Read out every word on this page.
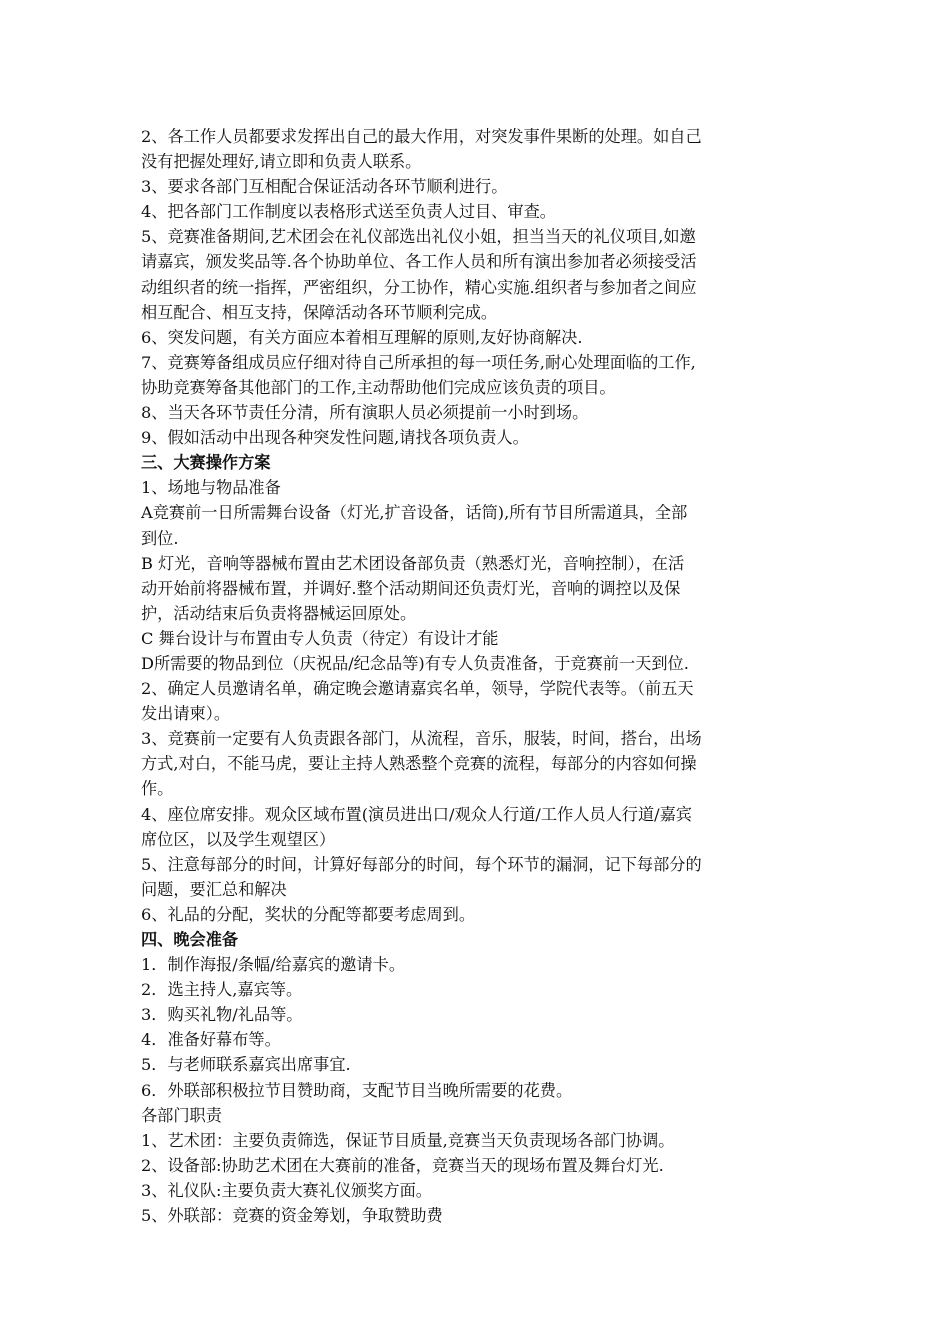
2、各工作人员都要求发挥出自己的最大作用，对突发事件果断的处理。如自己
没有把握处理好,请立即和负责人联系。
3、要求各部门互相配合保证活动各环节顺利进行。
4、把各部门工作制度以表格形式送至负责人过目、审查。
5、竞赛准备期间,艺术团会在礼仪部选出礼仪小姐，担当当天的礼仪项目,如邀
请嘉宾，颁发奖品等.各个协助单位、各工作人员和所有演出参加者必须接受活
动组织者的统一指挥，严密组织，分工协作，精心实施.组织者与参加者之间应
相互配合、相互支持，保障活动各环节顺利完成。
6、突发问题，有关方面应本着相互理解的原则,友好协商解决.
7、竞赛筹备组成员应仔细对待自己所承担的每一项任务,耐心处理面临的工作,
协助竞赛筹备其他部门的工作,主动帮助他们完成应该负责的项目。
8、当天各环节责任分清，所有演职人员必须提前一小时到场。
9、假如活动中出现各种突发性问题,请找各项负责人。
三、大赛操作方案
1、场地与物品准备
A竞赛前一日所需舞台设备（灯光,扩音设备，话筒),所有节目所需道具，全部
到位.
B 灯光，音响等器械布置由艺术团设备部负责（熟悉灯光，音响控制），在活
动开始前将器械布置，并调好.整个活动期间还负责灯光，音响的调控以及保
护，活动结束后负责将器械运回原处。
C 舞台设计与布置由专人负责（待定）有设计才能
D所需要的物品到位（庆祝品/纪念品等)有专人负责准备，于竞赛前一天到位.
2、确定人员邀请名单，确定晚会邀请嘉宾名单，领导，学院代表等。（前五天
发出请柬）。
3、竞赛前一定要有人负责跟各部门，从流程，音乐，服装，时间，搭台，出场
方式,对白，不能马虎，要让主持人熟悉整个竞赛的流程，每部分的内容如何操
作。
4、座位席安排。观众区域布置(演员进出口/观众人行道/工作人员人行道/嘉宾
席位区，以及学生观望区）
5、注意每部分的时间，计算好每部分的时间，每个环节的漏洞，记下每部分的
问题，要汇总和解决
6、礼品的分配，奖状的分配等都要考虑周到。
四、晚会准备
1．制作海报/条幅/给嘉宾的邀请卡。
2．选主持人,嘉宾等。
3．购买礼物/礼品等。
4．准备好幕布等。
5．与老师联系嘉宾出席事宜.
6．外联部积极拉节目赞助商，支配节目当晚所需要的花费。
各部门职责
1、艺术团：主要负责筛选，保证节目质量,竞赛当天负责现场各部门协调。
2、设备部:协助艺术团在大赛前的准备，竞赛当天的现场布置及舞台灯光.
3、礼仪队:主要负责大赛礼仪颁奖方面。
5、外联部：竞赛的资金筹划，争取赞助费
